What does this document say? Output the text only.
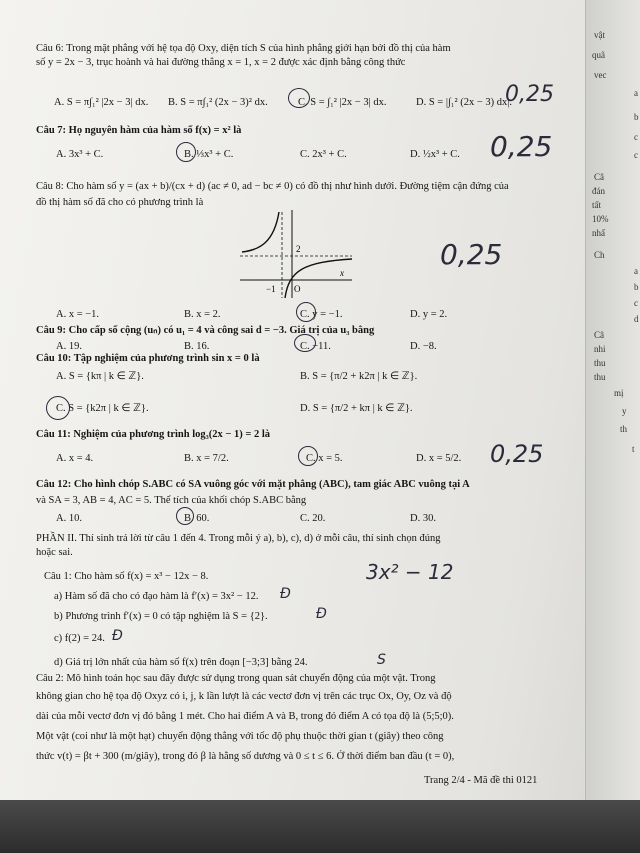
vật
quã
vec
a
b
c
c
Câ
đán
tất
10%
nhấ
Ch
a
b
c
d
Câ
nhi
thu
thu
mị
y
th
t
Câu 6: Trong mặt phẳng với hệ tọa độ Oxy, diện tích S của hình phẳng giới hạn bởi đồ thị của hàm
số y = 2x − 3, trục hoành và hai đường thẳng x = 1, x = 2 được xác định bằng công thức
A. S = π∫₁² |2x − 3| dx. B. S = π∫₁² (2x − 3)² dx.	C. S = ∫₁² |2x − 3| dx.	D. S = |∫₁² (2x − 3) dx|.
0,25
Câu 7: Họ nguyên hàm của hàm số f(x) = x² là
A. 3x³ + C.	B. ⅓x³ + C.	C. 2x³ + C.	D. ½x³ + C. 0,25
Câu 8: Cho hàm số y = (ax + b)/(cx + d) (ac ≠ 0, ad − bc ≠ 0) có đồ thị như hình dưới. Đường tiệm cận đứng của
đồ thị hàm số đã cho có phương trình là
2
−1 O
x
A. x = −1.	B. x = 2.	C. y = −1.	D. y = 2.
0,25
Câu 9: Cho cấp số cộng (uₙ) có u₁ = 4 và công sai d = −3. Giá trị của u₃ bằng
A. 19.	B. 16.	C. −11.	D. −8.
Câu 10: Tập nghiệm của phương trình sin x = 0 là
A. S = {kπ | k ∈ ℤ}.	B. S = {π/2 + k2π | k ∈ ℤ}.
C. S = {k2π | k ∈ ℤ}.	D. S = {π/2 + kπ | k ∈ ℤ}.
Câu 11: Nghiệm của phương trình log₃(2x − 1) = 2 là
A. x = 4.	B. x = 7/2.	C. x = 5.	D. x = 5/2. 0,25
Câu 12: Cho hình chóp S.ABC có SA vuông góc với mặt phẳng (ABC), tam giác ABC vuông tại A
và SA = 3, AB = 4, AC = 5. Thể tích của khối chóp S.ABC bằng
A. 10.	B. 60.	C. 20.	D. 30.
PHẦN II. Thí sinh trả lời từ câu 1 đến 4. Trong mỗi ý a), b), c), d) ở mỗi câu, thí sinh chọn đúng
hoặc sai.
Câu 1: Cho hàm số f(x) = x³ − 12x − 8.
a) Hàm số đã cho có đạo hàm là f′(x) = 3x² − 12.
b) Phương trình f′(x) = 0 có tập nghiệm là S = {2}.
c) f(2) = 24.
d) Giá trị lớn nhất của hàm số f(x) trên đoạn [−3;3] bằng 24.
3x² − 12
Đ
Đ
Đ
S
Câu 2: Mô hình toán học sau đây được sử dụng trong quan sát chuyển động của một vật. Trong
không gian cho hệ tọa độ Oxyz có i, j, k lần lượt là các vectơ đơn vị trên các trục Ox, Oy, Oz và độ
dài của mỗi vectơ đơn vị đó bằng 1 mét. Cho hai điểm A và B, trong đó điểm A có tọa độ là (5;5;0).
Một vật (coi như là một hạt) chuyển động thẳng với tốc độ phụ thuộc thời gian t (giây) theo công
thức v(t) = βt + 300 (m/giây), trong đó β là hằng số dương và 0 ≤ t ≤ 6. Ở thời điểm ban đầu (t = 0),
Trang 2/4 - Mã đề thi 0121
